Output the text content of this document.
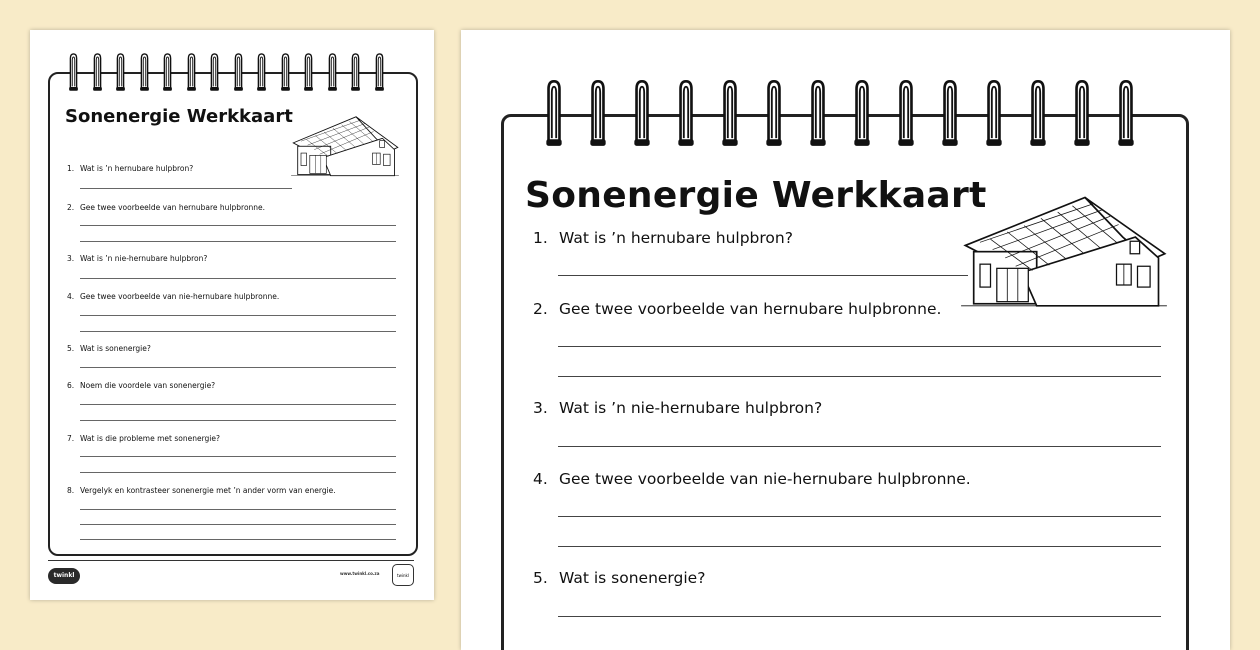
Sonenergie Werkkaart
1. Wat is ’n hernubare hulpbron?
2. Gee twee voorbeelde van hernubare hulpbronne.
3. Wat is ’n nie-hernubare hulpbron?
4. Gee twee voorbeelde van nie-hernubare hulpbronne.
5. Wat is sonenergie?
6. Noem die voordele van sonenergie?
7. Wat is die probleme met sonenergie?
8. Vergelyk en kontrasteer sonenergie met ’n ander vorm van energie.
twinkl	www.twinkl.co.za	twinkl
Sonenergie Werkkaart
1. Wat is ’n hernubare hulpbron?
2. Gee twee voorbeelde van hernubare hulpbronne.
3. Wat is ’n nie-hernubare hulpbron?
4. Gee twee voorbeelde van nie-hernubare hulpbronne.
5. Wat is sonenergie?
